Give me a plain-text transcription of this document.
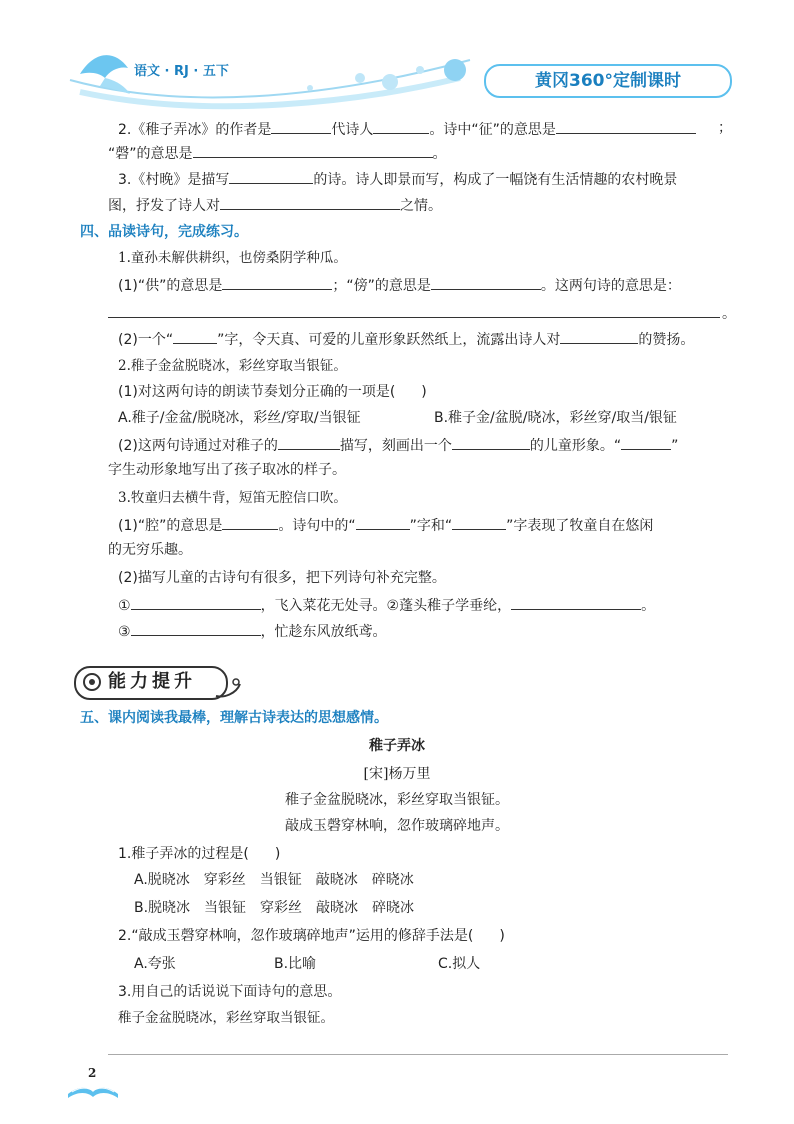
语文 · RJ · 五下	黄冈360°定制课时
2.《稚子弄冰》的作者是	代诗人	。诗中“征”的意思是	；
“磬”的意思是	。
3.《村晚》是描写	的诗。诗人即景而写，构成了一幅饶有生活情趣的农村晚景
图，抒发了诗人对	之情。
四、品读诗句，完成练习。
1.童孙未解供耕织，也傍桑阴学种瓜。
(1)“供”的意思是	；“傍”的意思是	。这两句诗的意思是：
。
(2)一个“	”字，令天真、可爱的儿童形象跃然纸上，流露出诗人对	的赞扬。
2.稚子金盆脱晓冰，彩丝穿取当银钲。
(1)对这两句诗的朗读节奏划分正确的一项是( )
A.稚子/金盆/脱晓冰，彩丝/穿取/当银钲	B.稚子金/盆脱/晓冰，彩丝穿/取当/银钲
(2)这两句诗通过对稚子的	描写，刻画出一个	的儿童形象。“	”
字生动形象地写出了孩子取冰的样子。
3.牧童归去横牛背，短笛无腔信口吹。
(1)“腔”的意思是	。诗句中的“	”字和“	”字表现了牧童自在悠闲
的无穷乐趣。
(2)描写儿童的古诗句有很多，把下列诗句补充完整。
①	，飞入菜花无处寻。②蓬头稚子学垂纶，	。
③	，忙趁东风放纸鸢。
能力提升
五、课内阅读我最棒，理解古诗表达的思想感情。
稚子弄冰
[宋]杨万里
稚子金盆脱晓冰，彩丝穿取当银钲。
敲成玉磬穿林响，忽作玻璃碎地声。
1.稚子弄冰的过程是( )
A.脱晓冰　穿彩丝　当银钲　敲晓冰　碎晓冰
B.脱晓冰　当银钲　穿彩丝　敲晓冰　碎晓冰
2.“敲成玉磬穿林响，忽作玻璃碎地声”运用的修辞手法是( )
A.夸张	B.比喻	C.拟人
3.用自己的话说说下面诗句的意思。
稚子金盆脱晓冰，彩丝穿取当银钲。
2
